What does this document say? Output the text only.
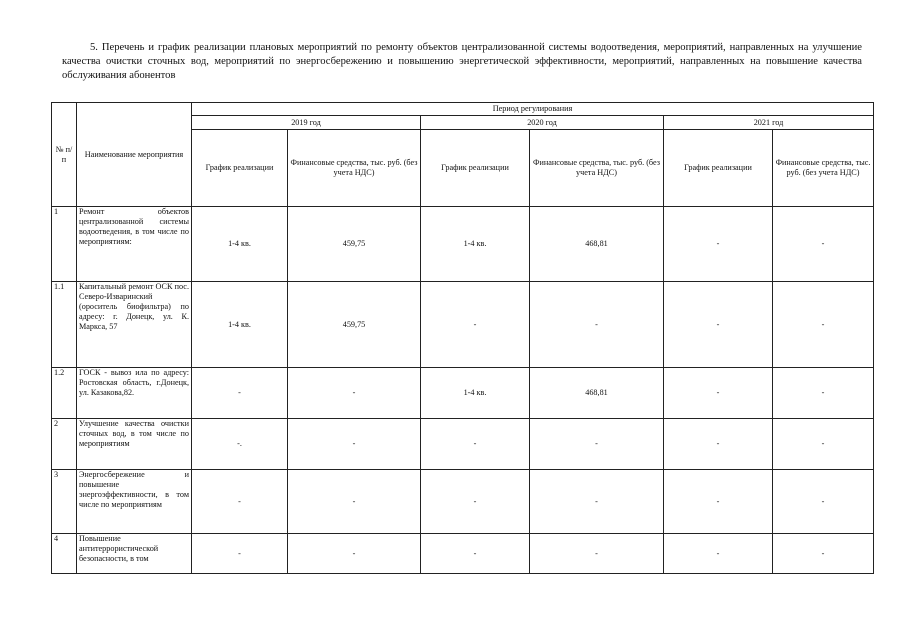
5. Перечень и график реализации плановых мероприятий по ремонту объектов централизованной системы водоотведения, мероприятий, направленных на улучшение качества очистки сточных вод, мероприятий по энергосбережению и повышению энергетической эффективности, мероприятий, направленных на повышение качества обслуживания абонентов
№ п/п	Наименование мероприятия	Период регулирования					
		2019 год		2020 год		2021 год	
		График реализации	Финансовые средства, тыс. руб. (без учета НДС)	График реализации	Финансовые средства, тыс. руб. (без учета НДС)	График реализации	Финансовые средства, тыс. руб. (без учета НДС)
1	Ремонт объектов централизованной системы водоотведения, в том числе по мероприятиям:	1-4 кв.	459,75	1-4 кв.	468,81	-	-
1.1	Капитальный ремонт ОСК пос. Северо-Изваринский (ороситель биофильтра) по адресу: г. Донецк, ул. К. Маркса, 57	1-4 кв.	459,75	-	-	-	-
1.2	ГОСК - вывоз ила по адресу: Ростовская область, г.Донецк, ул. Казакова,82.	-	-	1-4 кв.	468,81	-	-
2	Улучшение качества очистки сточных вод, в том числе по мероприятиям	-.	-	-	-	-	-
3	Энергосбережение и повышение энергоэффективности, в том числе по мероприятиям	-	-	-	-	-	-
4	Повышение антитеррористической безопасности, в том	-	-	-	-	-	-
